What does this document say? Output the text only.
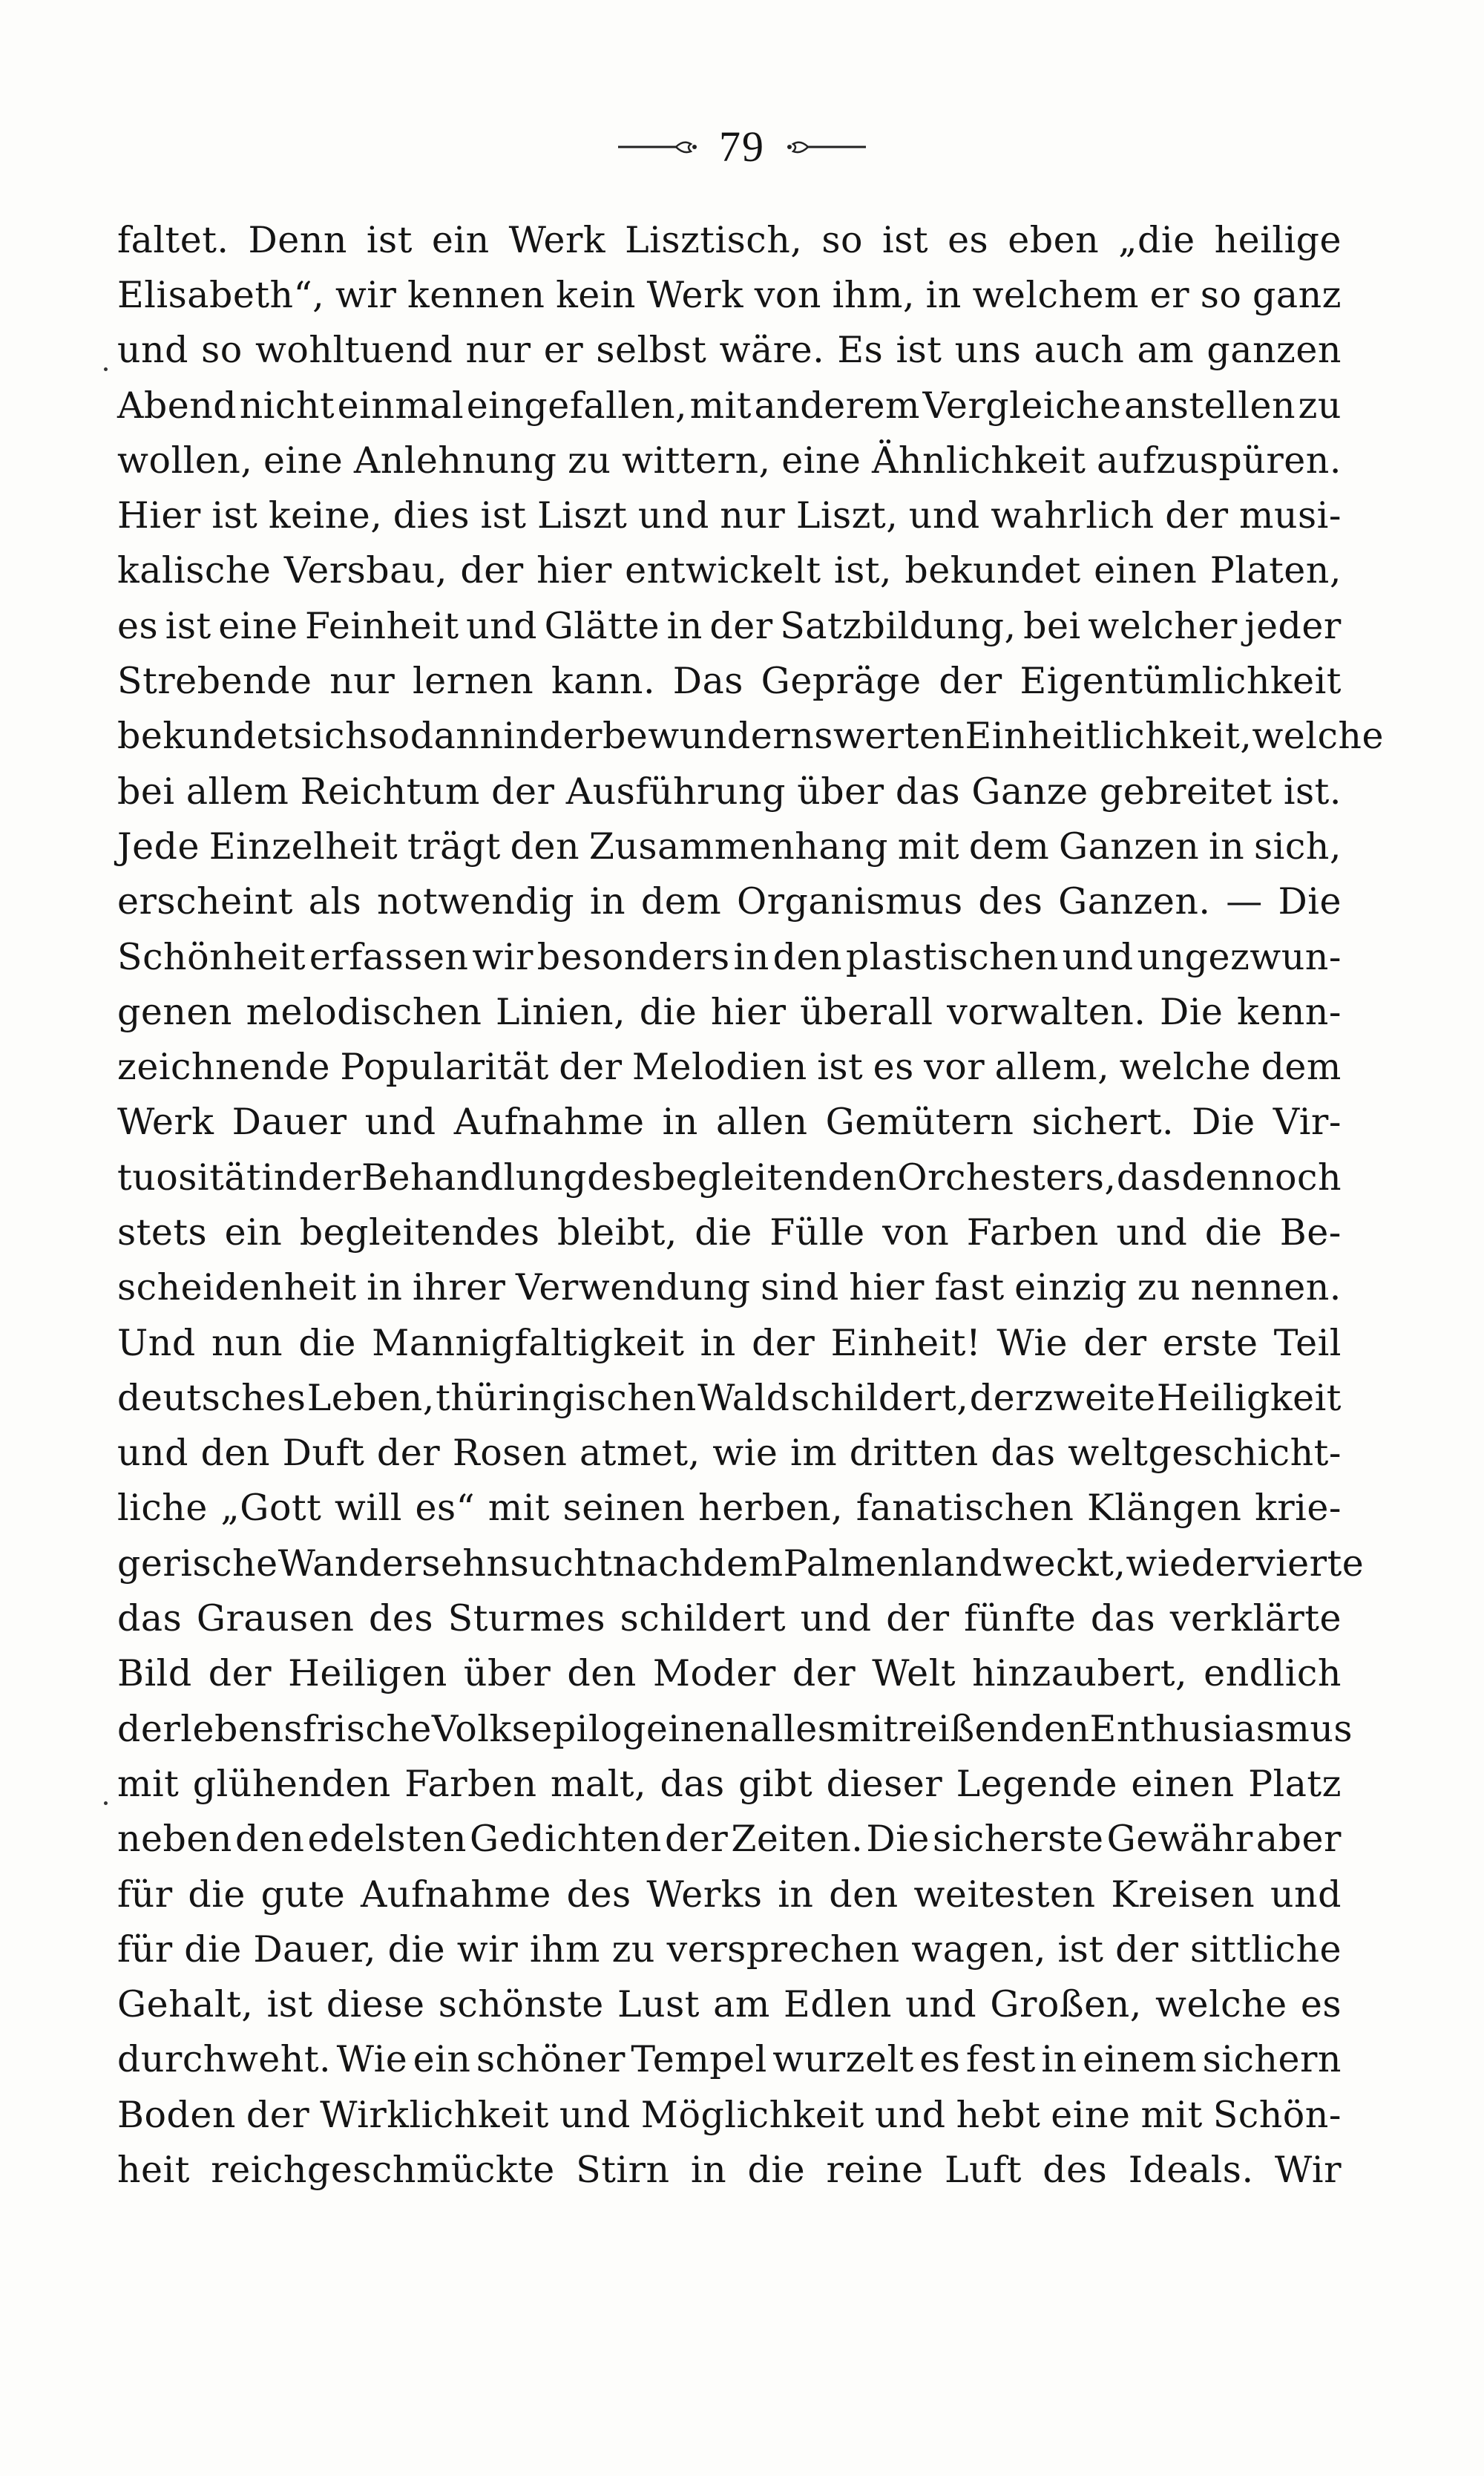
79
faltet. Denn ist ein Werk Lisztisch, so ist es eben „die heilige
Elisabeth“, wir kennen kein Werk von ihm, in welchem er so ganz
und so wohltuend nur er selbst wäre. Es ist uns auch am ganzen
Abend nicht einmal eingefallen, mit anderem Vergleiche anstellen zu
wollen, eine Anlehnung zu wittern, eine Ähnlichkeit aufzuspüren.
Hier ist keine, dies ist Liszt und nur Liszt, und wahrlich der musi-
kalische Versbau, der hier entwickelt ist, bekundet einen Platen,
es ist eine Feinheit und Glätte in der Satzbildung, bei welcher jeder
Strebende nur lernen kann. Das Gepräge der Eigentümlichkeit
bekundet sich sodann in der bewundernswerten Einheitlichkeit, welche
bei allem Reichtum der Ausführung über das Ganze gebreitet ist.
Jede Einzelheit trägt den Zusammenhang mit dem Ganzen in sich,
erscheint als notwendig in dem Organismus des Ganzen. — Die
Schönheit erfassen wir besonders in den plastischen und ungezwun-
genen melodischen Linien, die hier überall vorwalten. Die kenn-
zeichnende Popularität der Melodien ist es vor allem, welche dem
Werk Dauer und Aufnahme in allen Gemütern sichert. Die Vir-
tuosität in der Behandlung des begleitenden Orchesters, das dennoch
stets ein begleitendes bleibt, die Fülle von Farben und die Be-
scheidenheit in ihrer Verwendung sind hier fast einzig zu nennen.
Und nun die Mannigfaltigkeit in der Einheit! Wie der erste Teil
deutsches Leben, thüringischen Wald schildert, der zweite Heiligkeit
und den Duft der Rosen atmet, wie im dritten das weltgeschicht-
liche „Gott will es“ mit seinen herben, fanatischen Klängen krie-
gerische Wandersehnsucht nach dem Palmenland weckt, wie der vierte
das Grausen des Sturmes schildert und der fünfte das verklärte
Bild der Heiligen über den Moder der Welt hinzaubert, endlich
der lebensfrische Volksepilog einen alles mitreißenden Enthusiasmus
mit glühenden Farben malt, das gibt dieser Legende einen Platz
neben den edelsten Gedichten der Zeiten. Die sicherste Gewähr aber
für die gute Aufnahme des Werks in den weitesten Kreisen und
für die Dauer, die wir ihm zu versprechen wagen, ist der sittliche
Gehalt, ist diese schönste Lust am Edlen und Großen, welche es
durchweht. Wie ein schöner Tempel wurzelt es fest in einem sichern
Boden der Wirklichkeit und Möglichkeit und hebt eine mit Schön-
heit reichgeschmückte Stirn in die reine Luft des Ideals. Wir
